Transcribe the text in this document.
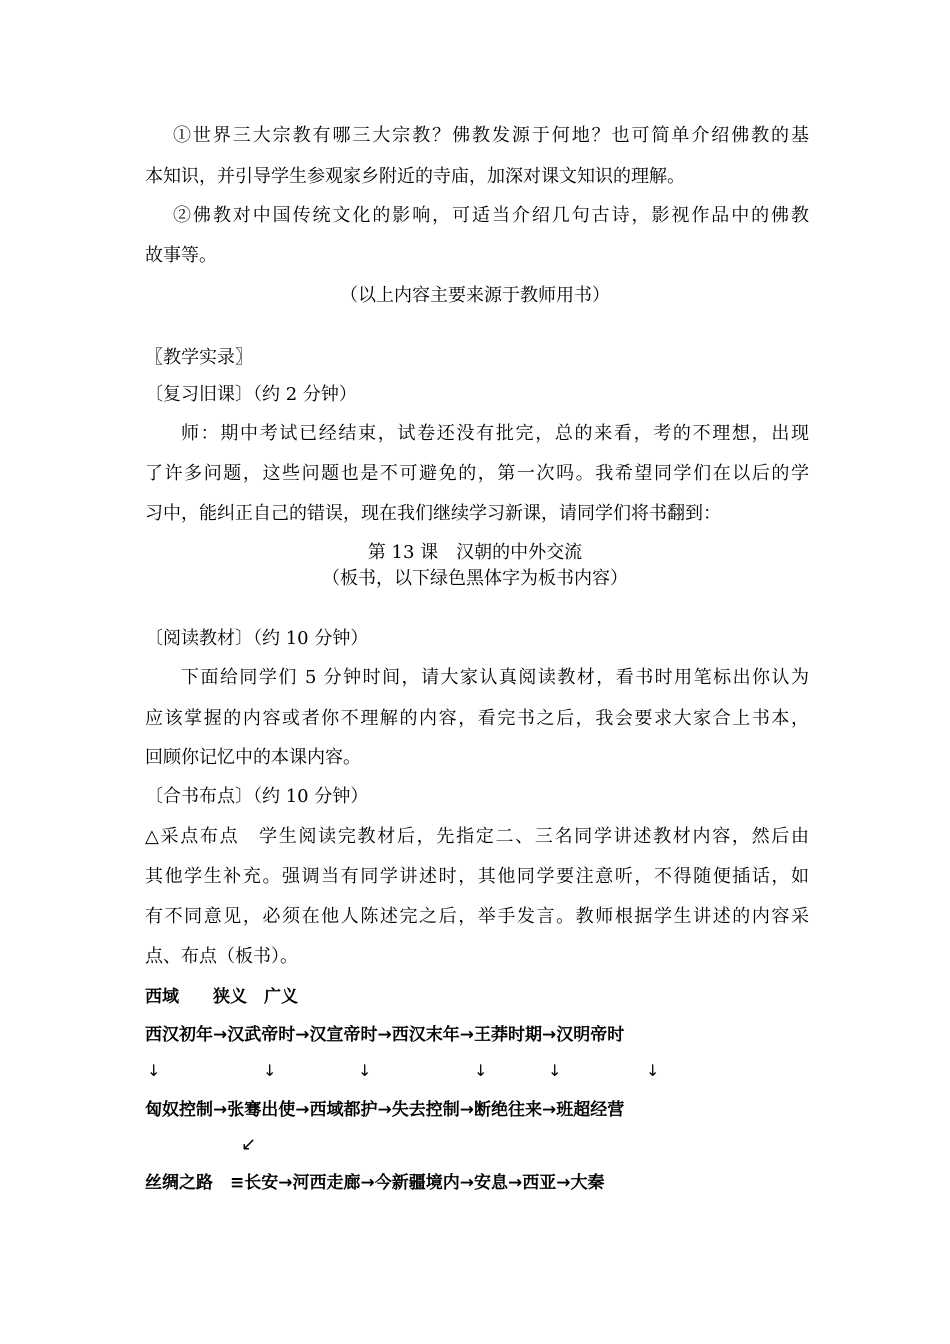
①世界三大宗教有哪三大宗教？佛教发源于何地？也可简单介绍佛教的基
本知识，并引导学生参观家乡附近的寺庙，加深对课文知识的理解。
②佛教对中国传统文化的影响，可适当介绍几句古诗，影视作品中的佛教
故事等。
（以上内容主要来源于教师用书）
〖教学实录〗
〔复习旧课〕（约 2 分钟）
师：期中考试已经结束，试卷还没有批完，总的来看，考的不理想，出现
了许多问题，这些问题也是不可避免的，第一次吗。我希望同学们在以后的学
习中，能纠正自己的错误，现在我们继续学习新课，请同学们将书翻到：
第 13 课　汉朝的中外交流
（板书，以下绿色黑体字为板书内容）
〔阅读教材〕（约 10 分钟）
下面给同学们 5 分钟时间，请大家认真阅读教材，看书时用笔标出你认为
应该掌握的内容或者你不理解的内容，看完书之后，我会要求大家合上书本，
回顾你记忆中的本课内容。
〔合书布点〕（约 10 分钟）
△采点布点　学生阅读完教材后，先指定二、三名同学讲述教材内容，然后由
其他学生补充。强调当有同学讲述时，其他同学要注意听，不得随便插话，如
有不同意见，必须在他人陈述完之后，举手发言。教师根据学生讲述的内容采
点、布点（板书）。
西域　　狭义　广义
西汉初年→汉武帝时→汉宣帝时→西汉末年→王莽时期→汉明帝时
↓	↓	↓	↓	↓	↓
匈奴控制→张骞出使→西域都护→失去控制→断绝往来→班超经营
↙
丝绸之路　≡长安→河西走廊→今新疆境内→安息→西亚→大秦
